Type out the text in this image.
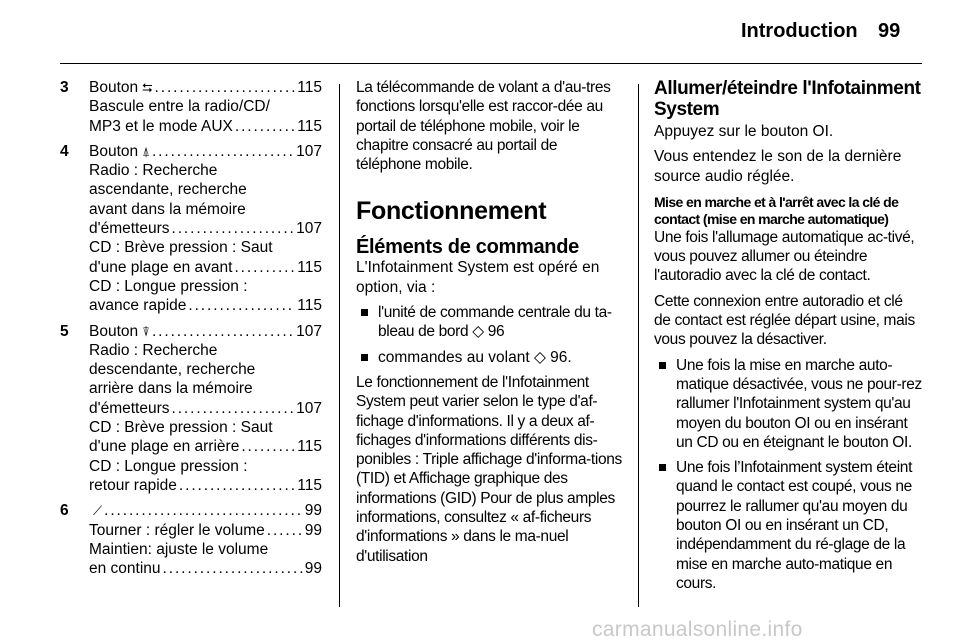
Introduction 99
3 Bouton ⮀ . . .	115
Bascule entre la radio/CD/
MP3 et le mode AUX . . .	115
4 Bouton ⍋ . . .	107
Radio : Recherche
ascendante, recherche
avant dans la mémoire
d'émetteurs . . .	107
CD : Brève pression : Saut
d'une plage en avant . . .	115
CD : Longue pression :
avance rapide . . .	115
5 Bouton ⍒ . . .	107
Radio : Recherche
descendante, recherche
arrière dans la mémoire
d'émetteurs . . .	107
CD : Brève pression : Saut
d'une plage en arrière . . .	115
CD : Longue pression :
retour rapide . . .	115
6	⟋ . . .	99
Tourner : régler le volume . . .	99
Maintien: ajuste le volume
en continu . . .	99

La télécommande de volant a d'au-tres fonctions lorsqu'elle est raccor-dée au portail de téléphone mobile, voir le chapitre consacré au portail de téléphone mobile.

Fonctionnement
Éléments de commande

L'Infotainment System est opéré en option, via :

l'unité de commande centrale du ta-bleau de bord ◇ 96
commandes au volant ◇ 96.

Le fonctionnement de l'Infotainment System peut varier selon le type d'af-fichage d'informations. Il y a deux af-fichages d'informations différents dis-ponibles : Triple affichage d'informa-tions (TID) et Affichage graphique des informations (GID) Pour de plus amples informations, consultez « af-ficheurs d'informations » dans le ma-nuel d'utilisation

Allumer/éteindre l'Infotainment System

Appuyez sur le bouton OI.

Vous entendez le son de la dernière source audio réglée.

Mise en marche et à l'arrêt avec la clé de contact (mise en marche automatique)

Une fois l'allumage automatique ac-tivé, vous pouvez allumer ou éteindre l'autoradio avec la clé de contact.

Cette connexion entre autoradio et clé de contact est réglée départ usine, mais vous pouvez la désactiver.

Une fois la mise en marche auto-matique désactivée, vous ne pour-rez rallumer l'Infotainment system qu'au moyen du bouton OI ou en insérant un CD ou en éteignant le bouton OI.
Une fois l’Infotainment system éteint quand le contact est coupé, vous ne pourrez le rallumer qu'au moyen du bouton OI ou en insérant un CD, indépendamment du ré-glage de la mise en marche auto-matique en cours.
carmanualsonline.info
